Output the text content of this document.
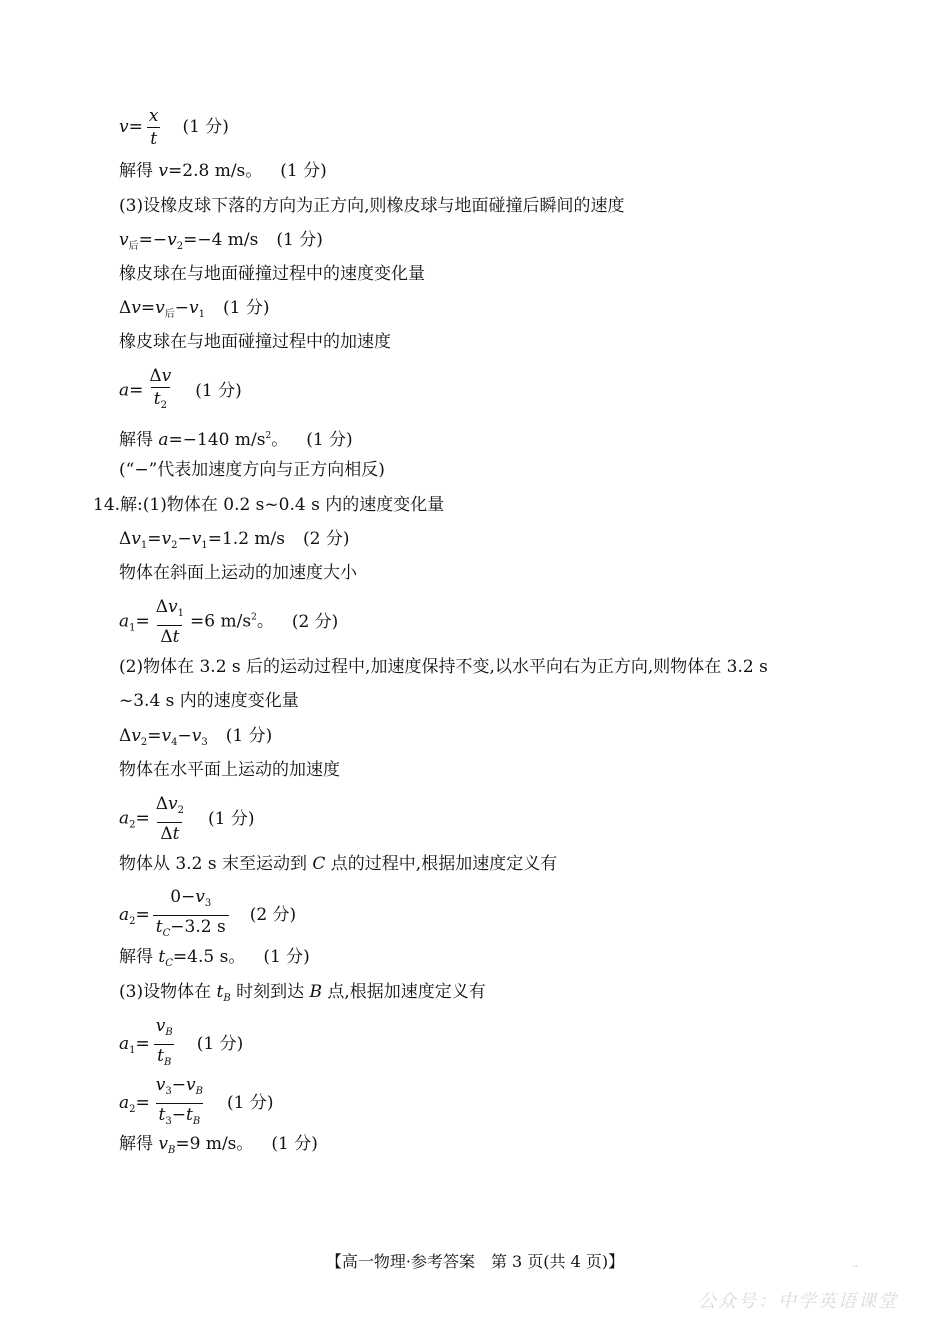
$v= \frac{x}{t} (1$ 分)
解得 v=2.8 m/s。 (1 分)
(3)设橡皮球下落的方向为正方向,则橡皮球与地面碰撞后瞬间的速度
$v_后=-v_2=-4$ m/s (1 分)
橡皮球在与地面碰撞过程中的速度变化量
$\Delta v=v_后-v_1$ (1 分)
橡皮球在与地面碰撞过程中的加速度
$a= \frac{\Delta v}{t_2} (1$ 分)
解得 a=−140 $m/s^2$。 (1 分)
(“−”代表加速度方向与正方向相反)
14.解:(1)物体在 0.2 s~0.4 s 内的速度变化量
$\Delta v_1=v_2-v_1=1.2$ m/s (2 分)
物体在斜面上运动的加速度大小
$a_1= \frac{\Delta v_1}{\Delta t} =6$ $m/s^2$。 (2 分)
(2)物体在 3.2 s 后的运动过程中,加速度保持不变,以水平向右为正方向,则物体在 3.2 s
~3.4 s 内的速度变化量
$\Delta v_2=v_4-v_3$ (1 分)
物体在水平面上运动的加速度
$a_2= \frac{\Delta v_2}{\Delta t} (1$ 分)
物体从 3.2 s 末至运动到 C 点的过程中,根据加速度定义有
$a_2= \frac{0-v_3}{t_C-3.2 s} (2$ 分)
解得 $t_C=4.5$ s。 (1 分)
(3)设物体在 $t_B$ 时刻到达 B 点,根据加速度定义有
$a_1= \frac{v_B}{t_B} (1$ 分)
$a_2= \frac{v_3-v_B}{t_3-t_B} (1$ 分)
解得 $v_B=9$ m/s。 (1 分)
【高一物理·参考答案　第 3 页(共 4 页)】	··
公众号：中学英语课堂
